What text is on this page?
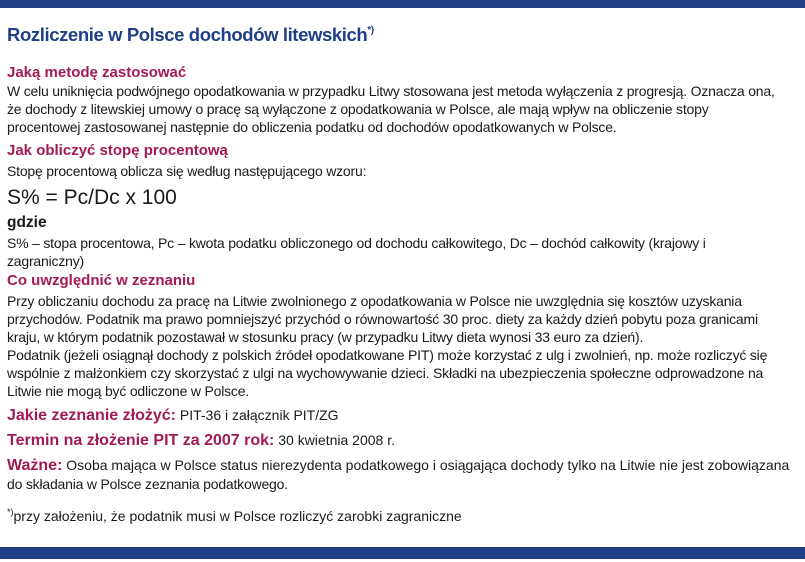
Rozliczenie w Polsce dochodów litewskich*)
Jaką metodę zastosować
W celu uniknięcia podwójnego opodatkowania w przypadku Litwy stosowana jest metoda wyłączenia z progresją. Oznacza ona,
że dochody z litewskiej umowy o pracę są wyłączone z opodatkowania w Polsce, ale mają wpływ na obliczenie stopy
procentowej zastosowanej następnie do obliczenia podatku od dochodów opodatkowanych w Polsce.
Jak obliczyć stopę procentową
Stopę procentową oblicza się według następującego wzoru:
S% = Pc/Dc x 100
gdzie
S% – stopa procentowa, Pc – kwota podatku obliczonego od dochodu całkowitego, Dc – dochód całkowity (krajowy i
zagraniczny)
Co uwzględnić w zeznaniu
Przy obliczaniu dochodu za pracę na Litwie zwolnionego z opodatkowania w Polsce nie uwzględnia się kosztów uzyskania
przychodów. Podatnik ma prawo pomniejszyć przychód o równowartość 30 proc. diety za każdy dzień pobytu poza granicami
kraju, w którym podatnik pozostawał w stosunku pracy (w przypadku Litwy dieta wynosi 33 euro za dzień).
Podatnik (jeżeli osiągnął dochody z polskich źródeł opodatkowane PIT) może korzystać z ulg i zwolnień, np. może rozliczyć się
wspólnie z małżonkiem czy skorzystać z ulgi na wychowywanie dzieci. Składki na ubezpieczenia społeczne odprowadzone na
Litwie nie mogą być odliczone w Polsce.
Jakie zeznanie złożyć: PIT-36 i załącznik PIT/ZG
Termin na złożenie PIT za 2007 rok: 30 kwietnia 2008 r.
Ważne: Osoba mająca w Polsce status nierezydenta podatkowego i osiągająca dochody tylko na Litwie nie jest zobowiązana
do składania w Polsce zeznania podatkowego.
*)przy założeniu, że podatnik musi w Polsce rozliczyć zarobki zagraniczne
